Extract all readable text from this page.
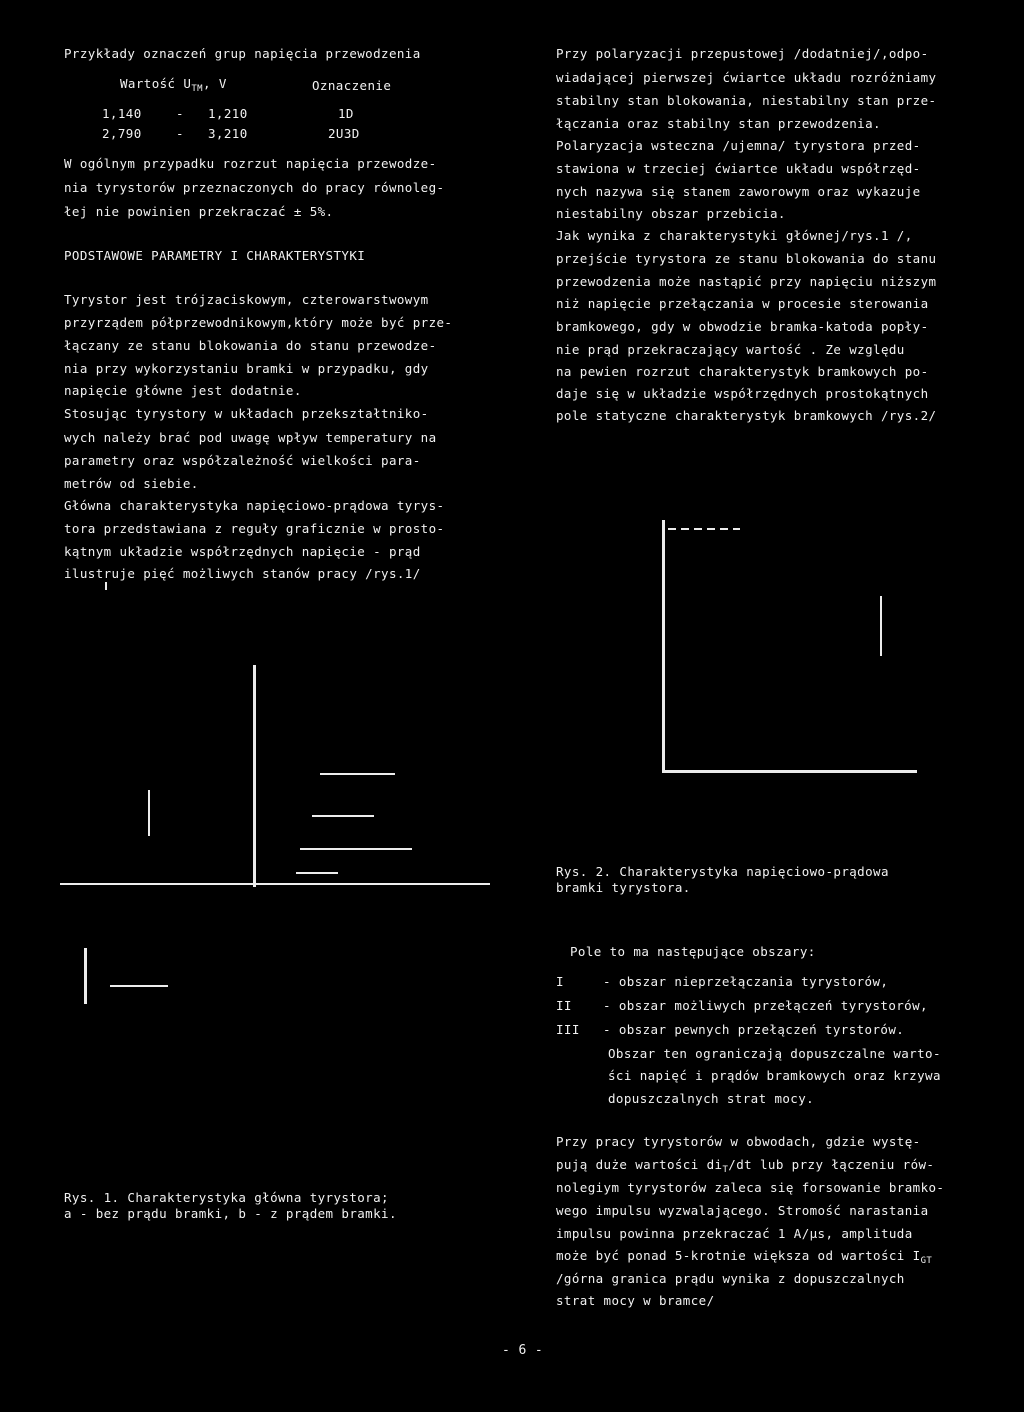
Przykłady oznaczeń grup napięcia przewodzenia
Wartość $U_{TM}$, V	Oznaczenie
1,140	- 1,210	1D
2,790	- 3,210	2U3D
W ogólnym przypadku rozrzut napięcia przewodze-
nia tyrystorów przeznaczonych do pracy równoleg-
łej nie powinien przekraczać ± 5%.
PODSTAWOWE PARAMETRY I CHARAKTERYSTYKI
Tyrystor jest trójzaciskowym, czterowarstwowym
przyrządem półprzewodnikowym,który może być prze-
łączany ze stanu blokowania do stanu przewodze-
nia przy wykorzystaniu bramki w przypadku, gdy
napięcie główne jest dodatnie.
Stosując tyrystory w układach przekształtniko-
wych należy brać pod uwagę wpływ temperatury na
parametry oraz współzależność wielkości para-
metrów od siebie.
Główna charakterystyka napięciowo-prądowa tyrys-
tora przedstawiana z reguły graficznie w prosto-
kątnym układzie współrzędnych napięcie - prąd
ilustruje pięć możliwych stanów pracy /rys.1/
Rys. 1. Charakterystyka główna tyrystora;
a - bez prądu bramki, b - z prądem bramki.
Przy polaryzacji przepustowej /dodatniej/,odpo-
wiadającej pierwszej ćwiartce układu rozróżniamy
stabilny stan blokowania, niestabilny stan prze-
łączania oraz stabilny stan przewodzenia.
Polaryzacja wsteczna /ujemna/ tyrystora przed-
stawiona w trzeciej ćwiartce układu współrzęd-
nych nazywa się stanem zaworowym oraz wykazuje
niestabilny obszar przebicia.
Jak wynika z charakterystyki głównej/rys.1 /,
przejście tyrystora ze stanu blokowania do stanu
przewodzenia może nastąpić przy napięciu niższym
niż napięcie przełączania w procesie sterowania
bramkowego, gdy w obwodzie bramka-katoda popły-
nie prąd przekraczający wartość . Ze względu
na pewien rozrzut charakterystyk bramkowych po-
daje się w układzie współrzędnych prostokątnych
pole statyczne charakterystyk bramkowych /rys.2/
Rys. 2. Charakterystyka napięciowo-prądowa
bramki tyrystora.
Pole to ma następujące obszary:
I	- obszar nieprzełączania tyrystorów,
II - obszar możliwych przełączeń tyrystorów,
III - obszar pewnych przełączeń tyrstorów.
Obszar ten ograniczają dopuszczalne warto-
ści napięć i prądów bramkowych oraz krzywa
dopuszczalnych strat mocy.
Przy pracy tyrystorów w obwodach, gdzie wystę-
pują duże wartości $di_T/dt$ lub przy łączeniu rów-
nolegiym tyrystorów zaleca się forsowanie bramko-
wego impulsu wyzwalającego. Stromość narastania
impulsu powinna przekraczać 1 A/µs, amplituda
może być ponad 5-krotnie większa od wartości $I_{GT}$
/górna granica prądu wynika z dopuszczalnych
strat mocy w bramce/
- 6 -
